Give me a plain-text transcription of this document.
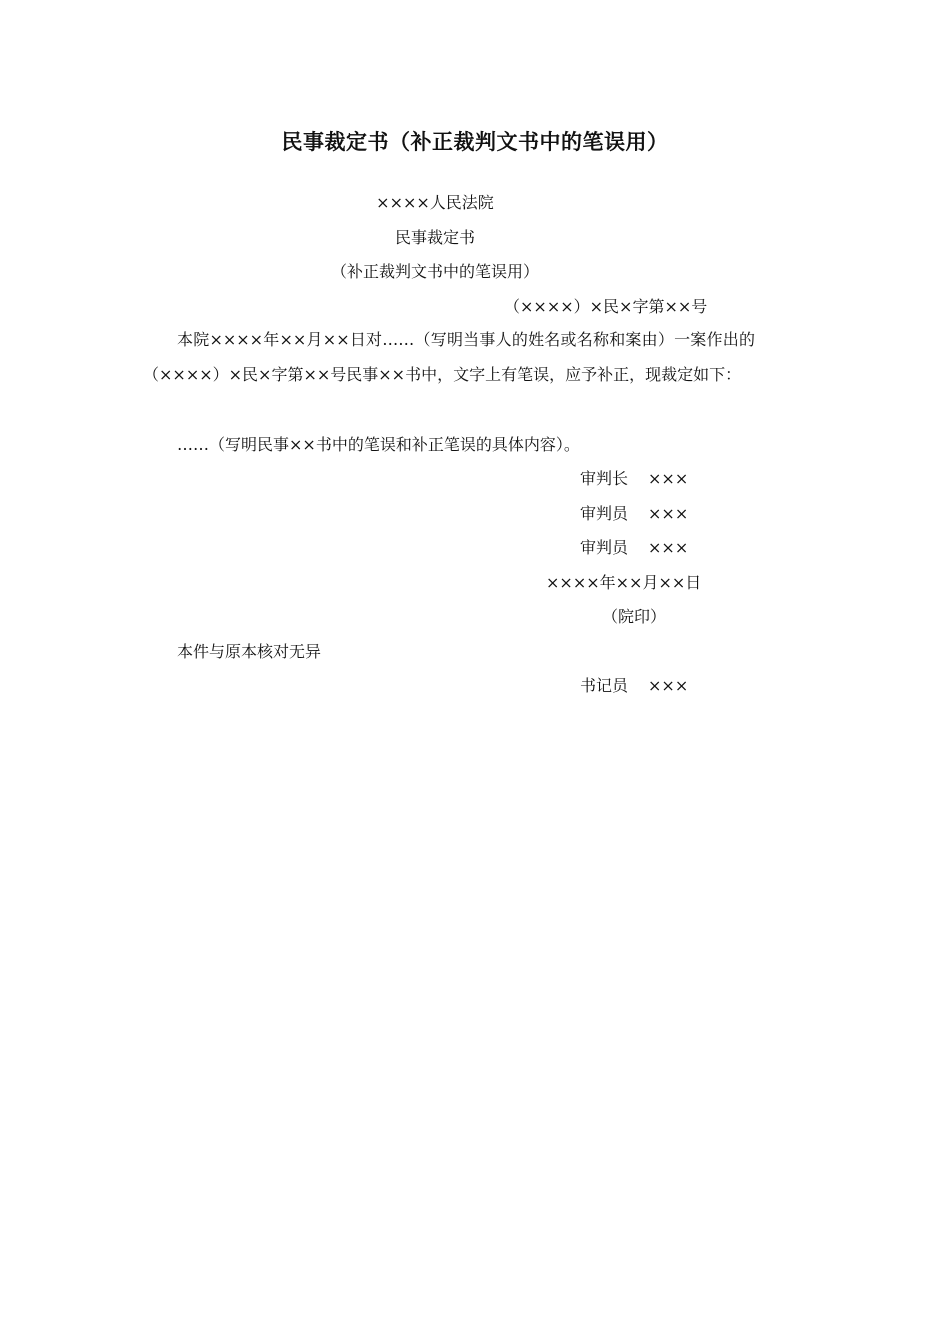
民事裁定书（补正裁判文书中的笔误用）
××××人民法院
民事裁定书
（补正裁判文书中的笔误用）
（××××）×民×字第××号
本院××××年××月××日对……（写明当事人的姓名或名称和案由）一案作出的（××××）×民×字第××号民事××书中，文字上有笔误，应予补正，现裁定如下：
……（写明民事××书中的笔误和补正笔误的具体内容）。
审判长 ×××
审判员 ×××
审判员 ×××
××××年××月××日
（院印）
本件与原本核对无异
书记员 ×××
